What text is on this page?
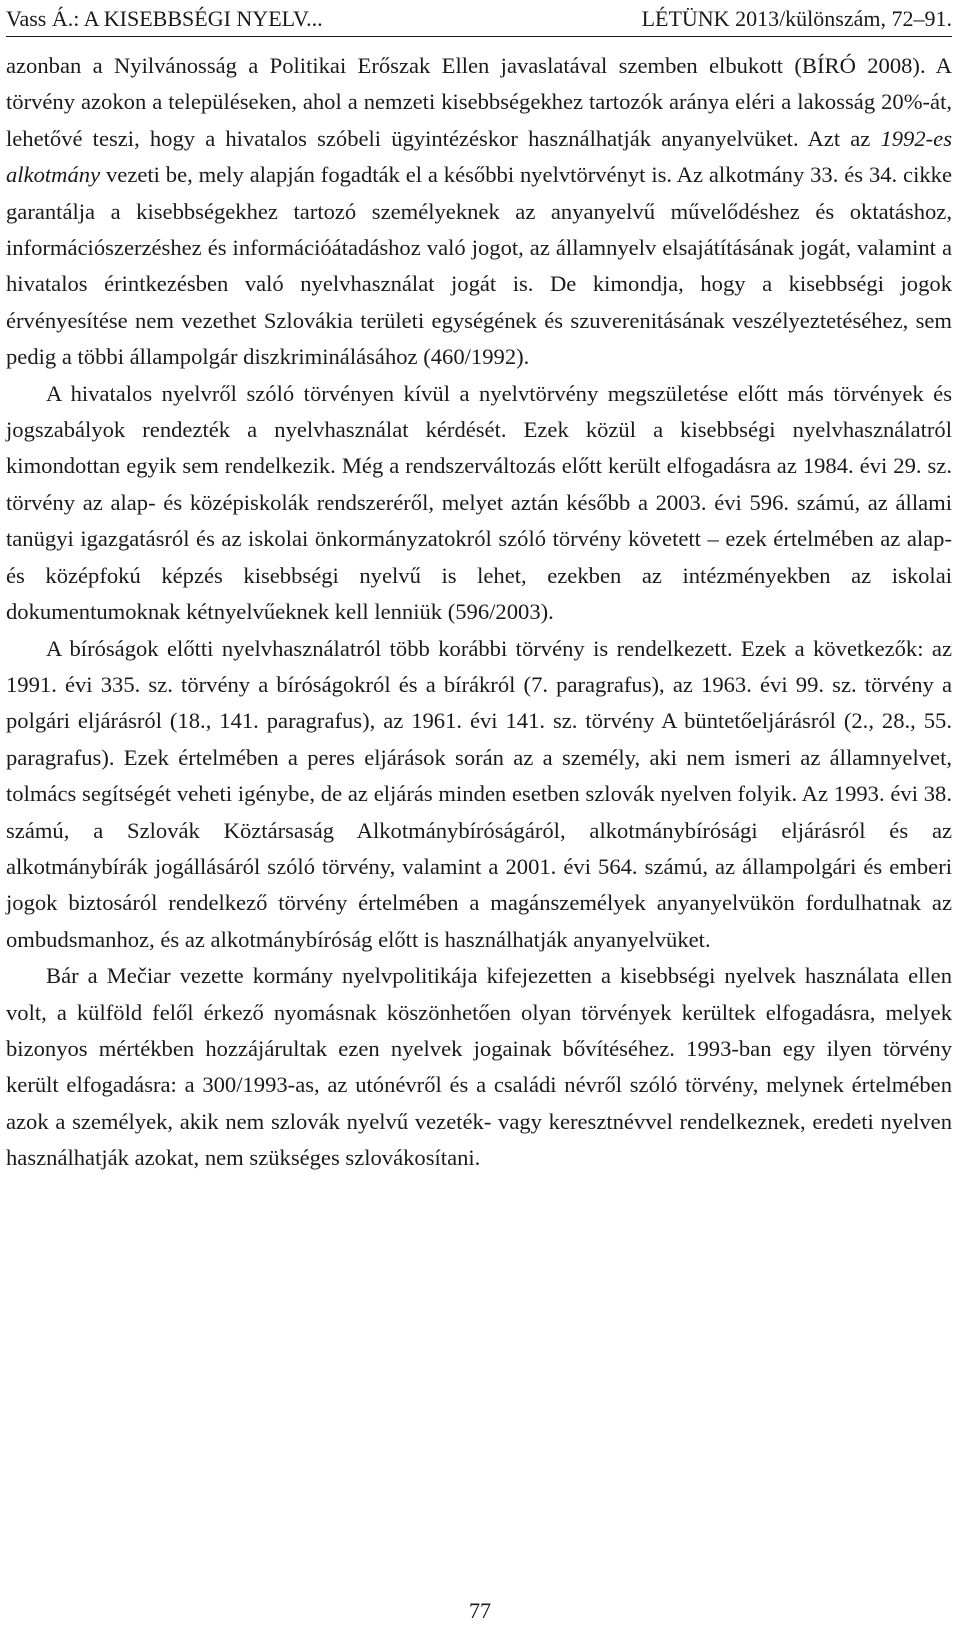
Vass Á.: A KISEBBSÉGI NYELV...	LÉTÜNK 2013/különszám, 72–91.

azonban a Nyilvánosság a Politikai Erőszak Ellen javaslatával szemben elbukott (BÍRÓ 2008). A törvény azokon a településeken, ahol a nemzeti kisebbségekhez tartozók aránya eléri a lakosság 20%-át, lehetővé teszi, hogy a hivatalos szóbeli ügyintézéskor használhatják anyanyelvüket. Azt az 1992-es alkotmány vezeti be, mely alapján fogadták el a későbbi nyelvtörvényt is. Az alkotmány 33. és 34. cikke garantálja a kisebbségekhez tartozó személyeknek az anyanyelvű művelődéshez és oktatáshoz, információszerzéshez és információátadáshoz való jogot, az államnyelv elsajátításának jogát, valamint a hivatalos érintkezésben való nyelvhasználat jogát is. De kimondja, hogy a kisebbségi jogok érvényesítése nem vezethet Szlovákia területi egységének és szuverenitásának veszélyeztetéséhez, sem pedig a többi állampolgár diszkriminálásához (460/1992).

A hivatalos nyelvről szóló törvényen kívül a nyelvtörvény megszületése előtt más törvények és jogszabályok rendezték a nyelvhasználat kérdését. Ezek közül a kisebbségi nyelvhasználatról kimondottan egyik sem rendelkezik. Még a rendszerváltozás előtt került elfogadásra az 1984. évi 29. sz. törvény az alap- és középiskolák rendszeréről, melyet aztán később a 2003. évi 596. számú, az állami tanügyi igazgatásról és az iskolai önkormányzatokról szóló törvény követett – ezek értelmében az alap- és középfokú képzés kisebbségi nyelvű is lehet, ezekben az intézményekben az iskolai dokumentumoknak kétnyelvűeknek kell lenniük (596/2003).

A bíróságok előtti nyelvhasználatról több korábbi törvény is rendelkezett. Ezek a következők: az 1991. évi 335. sz. törvény a bíróságokról és a bírákról (7. paragrafus), az 1963. évi 99. sz. törvény a polgári eljárásról (18., 141. paragrafus), az 1961. évi 141. sz. törvény A büntetőeljárásról (2., 28., 55. paragrafus). Ezek értelmében a peres eljárások során az a személy, aki nem ismeri az államnyelvet, tolmács segítségét veheti igénybe, de az eljárás minden esetben szlovák nyelven folyik. Az 1993. évi 38. számú, a Szlovák Köztársaság Alkotmánybíróságáról, alkotmánybírósági eljárásról és az alkotmánybírák jogállásáról szóló törvény, valamint a 2001. évi 564. számú, az állampolgári és emberi jogok biztosáról rendelkező törvény értelmében a magánszemélyek anyanyelvükön fordulhatnak az ombudsmanhoz, és az alkotmánybíróság előtt is használhatják anyanyelvüket.

Bár a Mečiar vezette kormány nyelvpolitikája kifejezetten a kisebbségi nyelvek használata ellen volt, a külföld felől érkező nyomásnak köszönhetően olyan törvények kerültek elfogadásra, melyek bizonyos mértékben hozzájárultak ezen nyelvek jogainak bővítéséhez. 1993-ban egy ilyen törvény került elfogadásra: a 300/1993-as, az utónévről és a családi névről szóló törvény, melynek értelmében azok a személyek, akik nem szlovák nyelvű vezeték- vagy keresztnévvel rendelkeznek, eredeti nyelven használhatják azokat, nem szükséges szlovákosítani.

77
